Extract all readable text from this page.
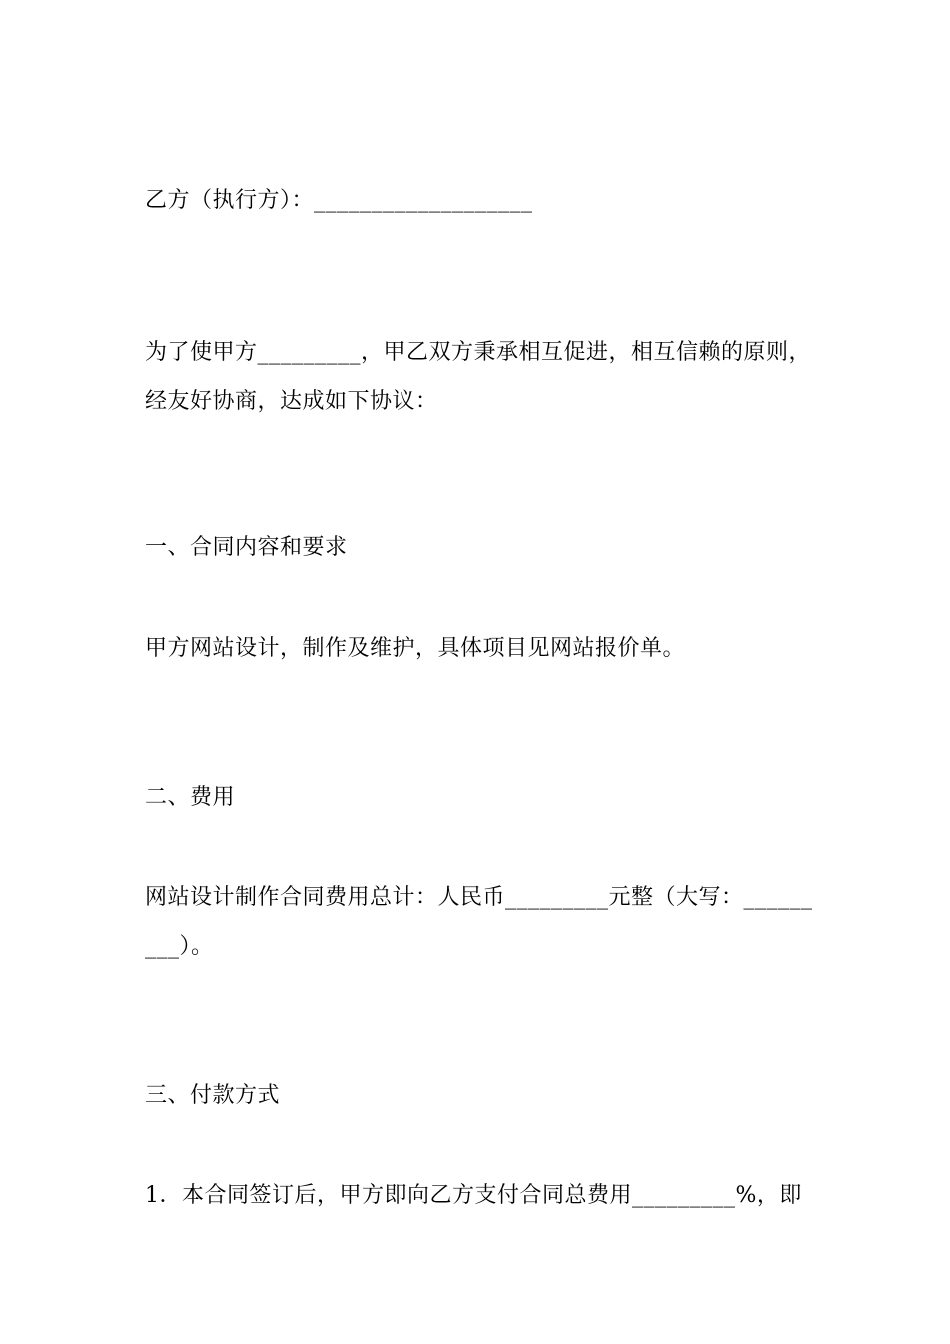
乙方（执行方）：___________________
为了使甲方_________，甲乙双方秉承相互促进，相互信赖的原则，
经友好协商，达成如下协议：
一、合同内容和要求
甲方网站设计，制作及维护，具体项目见网站报价单。
二、费用
网站设计制作合同费用总计：人民币_________元整（大写：______
___）。
三、付款方式
1．本合同签订后，甲方即向乙方支付合同总费用_________%，即
